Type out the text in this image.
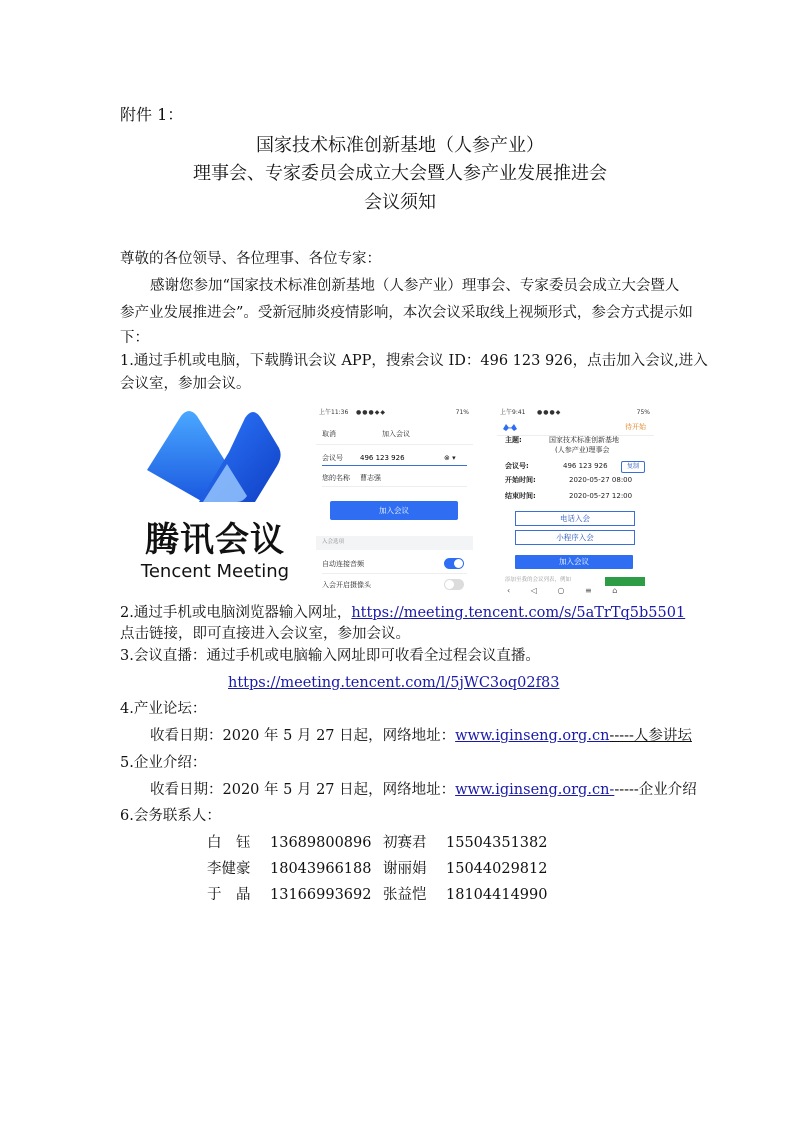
附件 1：
国家技术标准创新基地（人参产业）
理事会、专家委员会成立大会暨人参产业发展推进会
会议须知
尊敬的各位领导、各位理事、各位专家：
感谢您参加“国家技术标准创新基地（人参产业）理事会、专家委员会成立大会暨人
参产业发展推进会”。受新冠肺炎疫情影响，本次会议采取线上视频形式，参会方式提示如
下：
1.通过手机或电脑，下载腾讯会议 APP，搜索会议 ID：496 123 926，点击加入会议,进入
会议室，参加会议。
腾讯会议
Tencent Meeting
上午11:36 ●●●◆◆	71%
取消	加入会议
会议号 496 123 926	⊗ ▾
您的名称 曹志强
加入会议
入会选项
自动连接音频
入会开启摄像头
上午9:41 ●●●◆	75%
待开始
主题:	国家技术标准创新基地
(人参产业)理事会
会议号:	496 123 926	复制
开始时间:	2020-05-27 08:00
结束时间:	2020-05-27 12:00
电话入会
小程序入会
加入会议
添加至我的会议列表，例如
‹ ◁ ○ ≡ ⌂
2.通过手机或电脑浏览器输入网址，https://meeting.tencent.com/s/5aTrTq5b5501
点击链接，即可直接进入会议室，参加会议。
3.会议直播：通过手机或电脑输入网址即可收看全过程会议直播。
https://meeting.tencent.com/l/5jWC3oq02f83
4.产业论坛：
收看日期：2020 年 5 月 27 日起，网络地址：www.iginseng.org.cn-----人参讲坛
5.企业介绍：
收看日期：2020 年 5 月 27 日起，网络地址：www.iginseng.org.cn------企业介绍
6.会务联系人：
白　钰 13689800896 初赛君 15504351382
李健豪 18043966188 谢丽娟 15044029812
于　晶 13166993692 张益恺 18104414990
